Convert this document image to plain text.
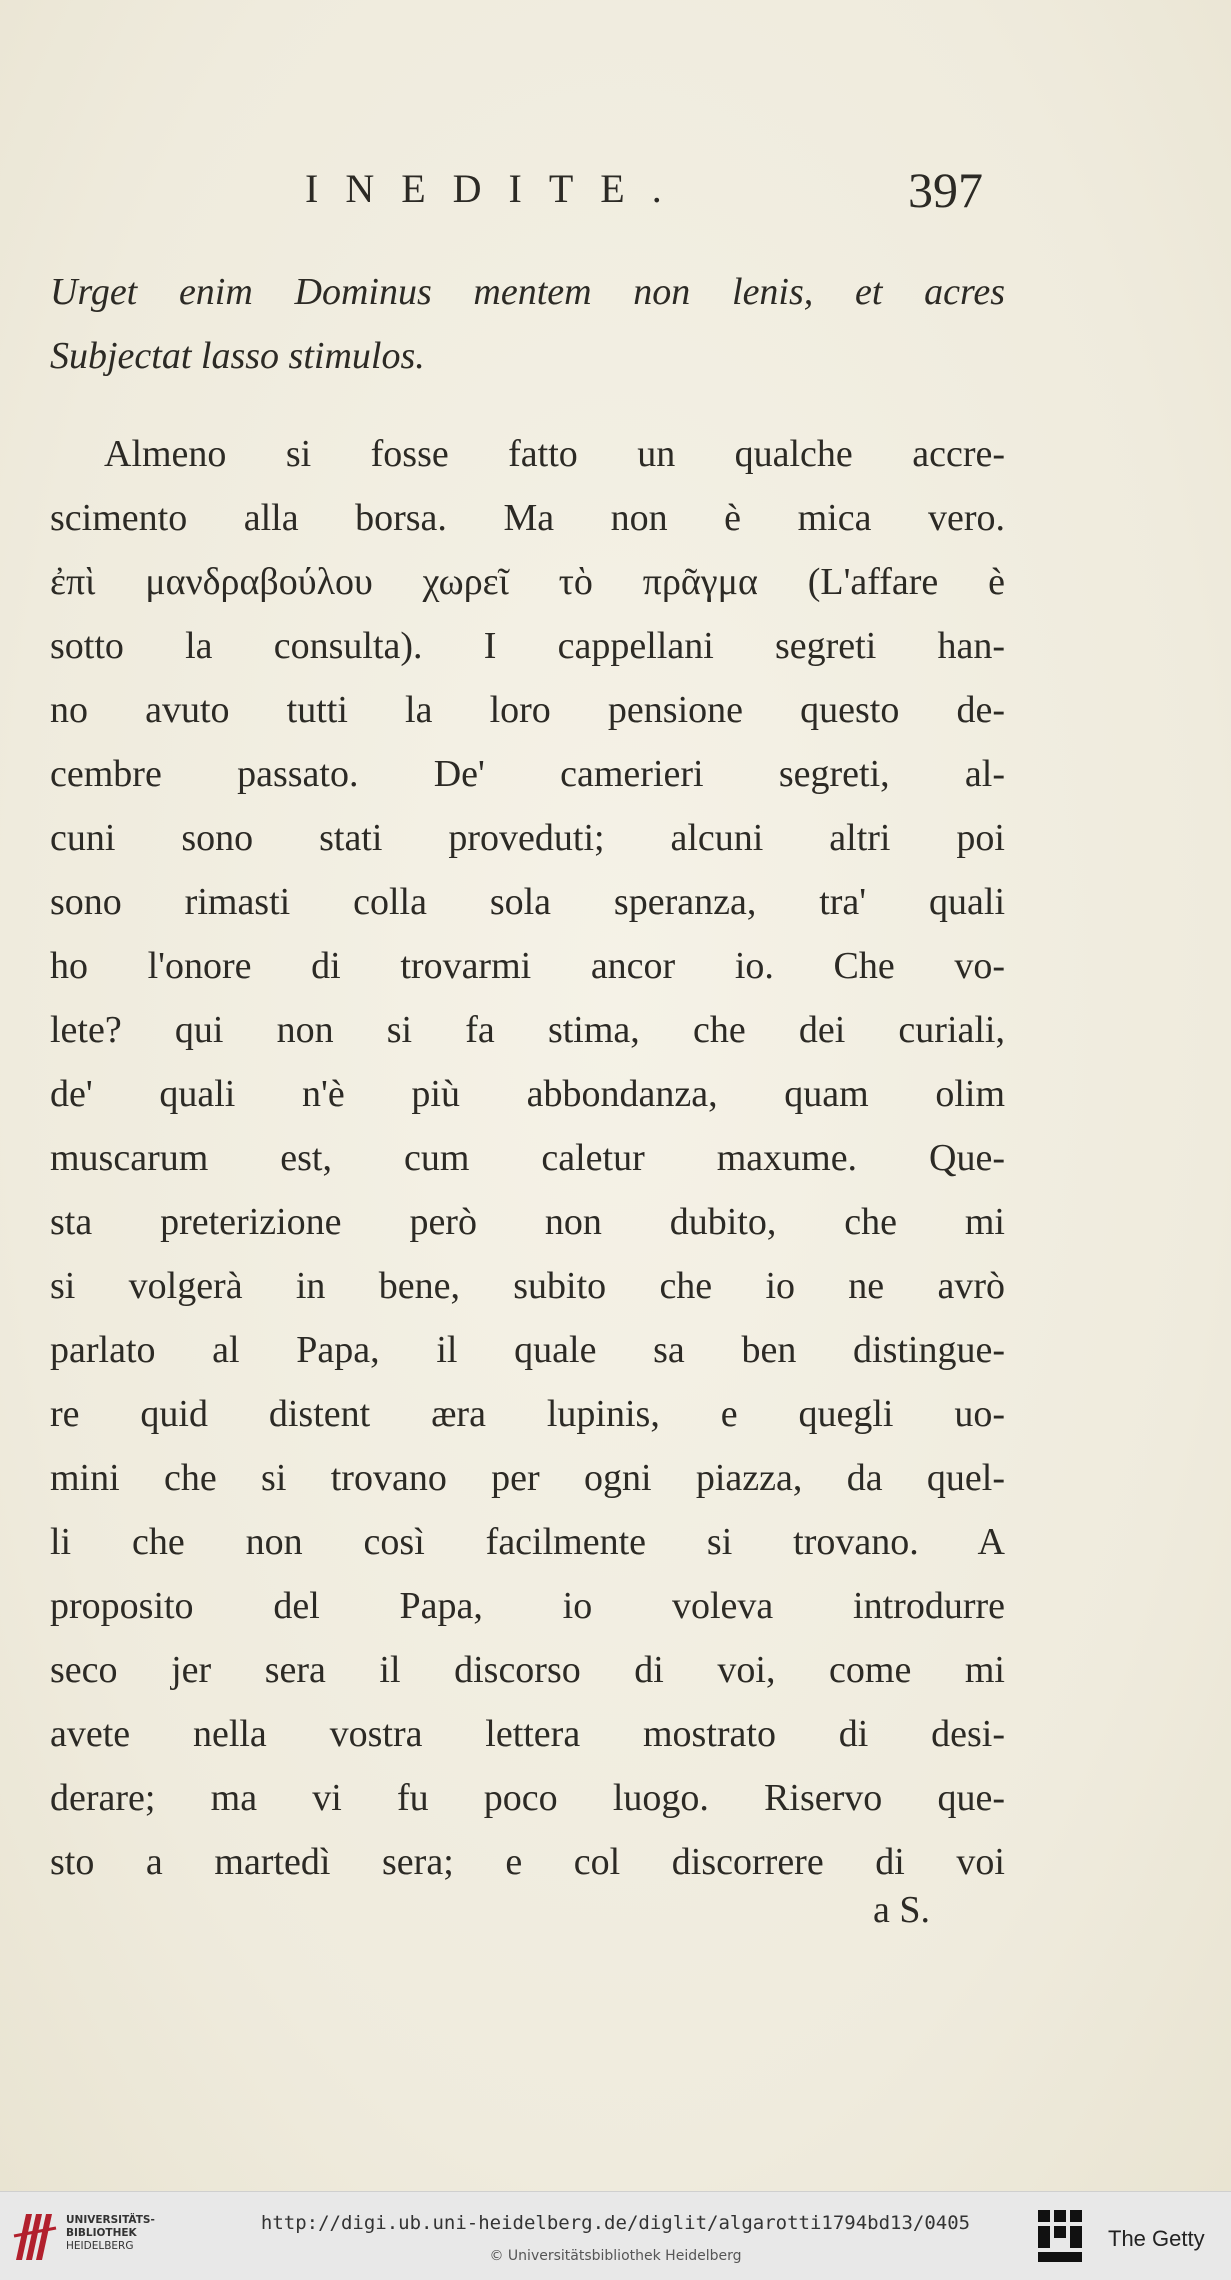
INEDITE.	397
Urget enim Dominus mentem non lenis, et acres
Subjectat lasso stimulos.
Almeno si fosse fatto un qualche accre-
scimento alla borsa. Ma non è mica vero.
ἐπὶ μανδραβούλου χωρεῖ τὸ πρᾶγμα (L'affare è
sotto la consulta). I cappellani segreti han-
no avuto tutti la loro pensione questo de-
cembre passato. De' camerieri segreti, al-
cuni sono stati proveduti; alcuni altri poi
sono rimasti colla sola speranza, tra' quali
ho l'onore di trovarmi ancor io. Che vo-
lete? qui non si fa stima, che dei curiali,
de' quali n'è più abbondanza, quam olim
muscarum est, cum caletur maxume. Que-
sta preterizione però non dubito, che mi
si volgerà in bene, subito che io ne avrò
parlato al Papa, il quale sa ben distingue-
re quid distent æra lupinis, e quegli uo-
mini che si trovano per ogni piazza, da quel-
li che non così facilmente si trovano. A
proposito del Papa, io voleva introdurre
seco jer sera il discorso di voi, come mi
avete nella vostra lettera mostrato di desi-
derare; ma vi fu poco luogo. Riservo que-
sto a martedì sera; e col discorrere di voi
a S.
UNIVERSITÄTS-
BIBLIOTHEK
HEIDELBERG
http://digi.ub.uni-heidelberg.de/diglit/algarotti1794bd13/0405
© Universitätsbibliothek Heidelberg
The Getty
